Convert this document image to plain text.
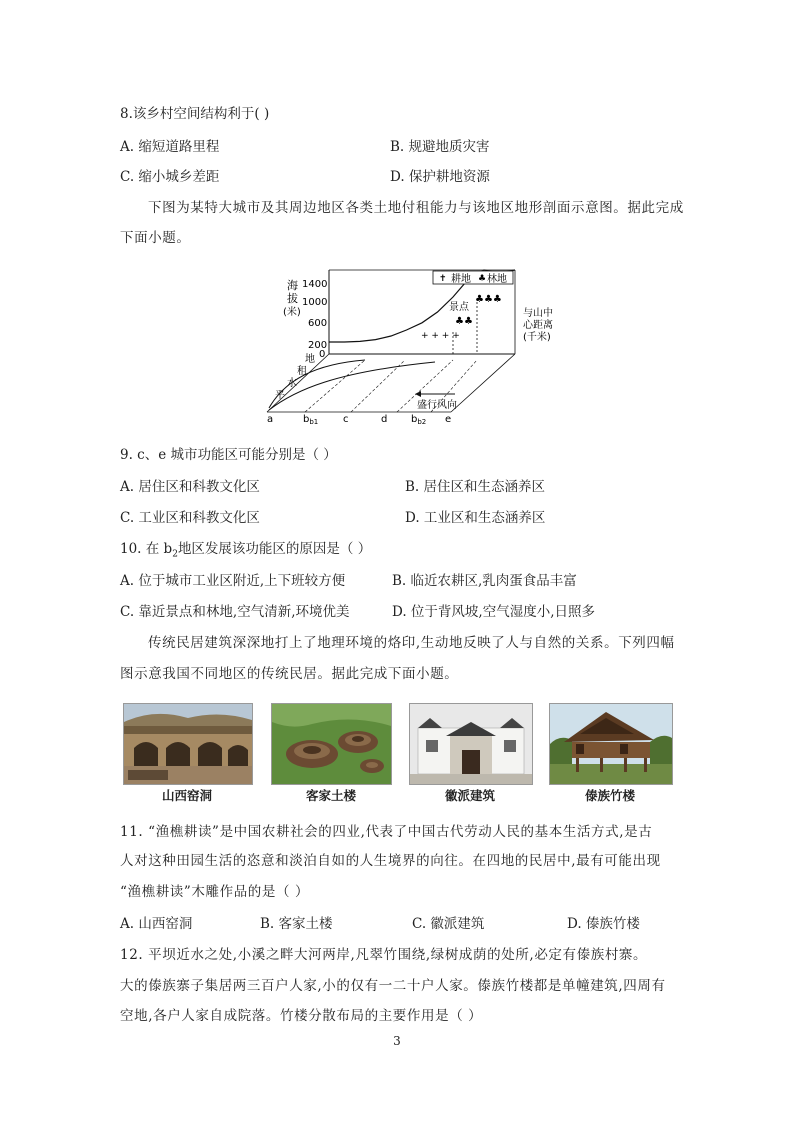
8.该乡村空间结构利于( )
A. 缩短道路里程	B. 规避地质灾害
C. 缩小城乡差距	D. 保护耕地资源
下图为某特大城市及其周边地区各类土地付租能力与该地区地形剖面示意图。据此完成
下面小题。
海
拔
(米)
1400
1000
600
200
0
+ + + +
♣♣
♣♣♣
✝ 耕地 ♣ 林地
景点
与山中
心距离
(千米)
地
租
水
平
盛行风向
a	$b_{b1}$ c	d $b_{b2}$ e
9. c、e 城市功能区可能分别是（ ）
A. 居住区和科教文化区	B. 居住区和生态涵养区
C. 工业区和科教文化区	D. 工业区和生态涵养区
10. 在 $b_2$地区发展该功能区的原因是（ ）
A. 位于城市工业区附近,上下班较方便	B. 临近农耕区,乳肉蛋食品丰富
C. 靠近景点和林地,空气清新,环境优美	D. 位于背风坡,空气湿度小,日照多
传统民居建筑深深地打上了地理环境的烙印,生动地反映了人与自然的关系。下列四幅
图示意我国不同地区的传统民居。据此完成下面小题。
山西窑洞	客家土楼	徽派建筑	傣族竹楼
11. “渔樵耕读”是中国农耕社会的四业,代表了中国古代劳动人民的基本生活方式,是古
人对这种田园生活的恣意和淡泊自如的人生境界的向往。在四地的民居中,最有可能出现
“渔樵耕读”木雕作品的是（ ）
A. 山西窑洞	B. 客家土楼	C. 徽派建筑	D. 傣族竹楼
12. 平坝近水之处,小溪之畔大河两岸,凡翠竹围绕,绿树成荫的处所,必定有傣族村寨。
大的傣族寨子集居两三百户人家,小的仅有一二十户人家。傣族竹楼都是单幢建筑,四周有
空地,各户人家自成院落。竹楼分散布局的主要作用是（ ）
3
